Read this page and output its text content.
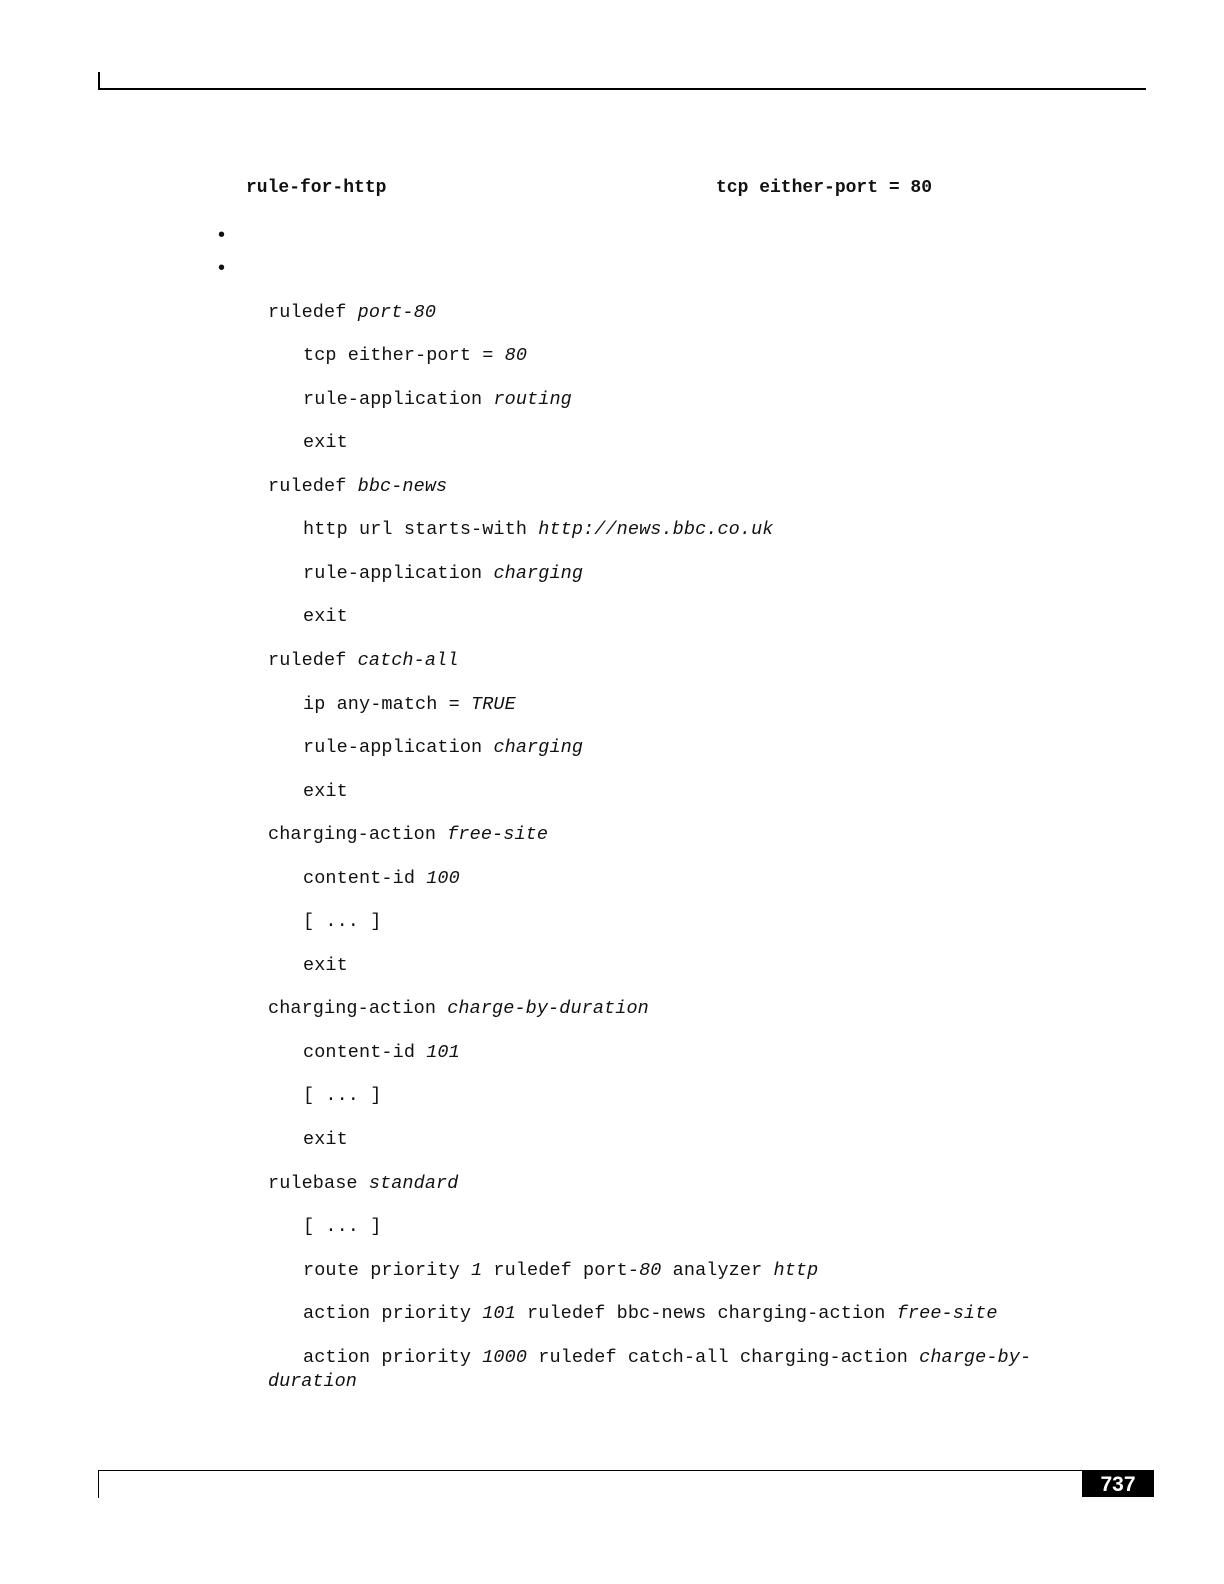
rule-for-http	tcp either-port = 80
•
•
ruledef port-80
tcp either-port = 80
rule-application routing
exit
ruledef bbc-news
http url starts-with http://news.bbc.co.uk
rule-application charging
exit
ruledef catch-all
ip any-match = TRUE
rule-application charging
exit
charging-action free-site
content-id 100
[ ... ]
exit
charging-action charge-by-duration
content-id 101
[ ... ]
exit
rulebase standard
[ ... ]
route priority 1 ruledef port-80 analyzer http
action priority 101 ruledef bbc-news charging-action free-site
action priority 1000 ruledef catch-all charging-action charge-by-
duration
737
